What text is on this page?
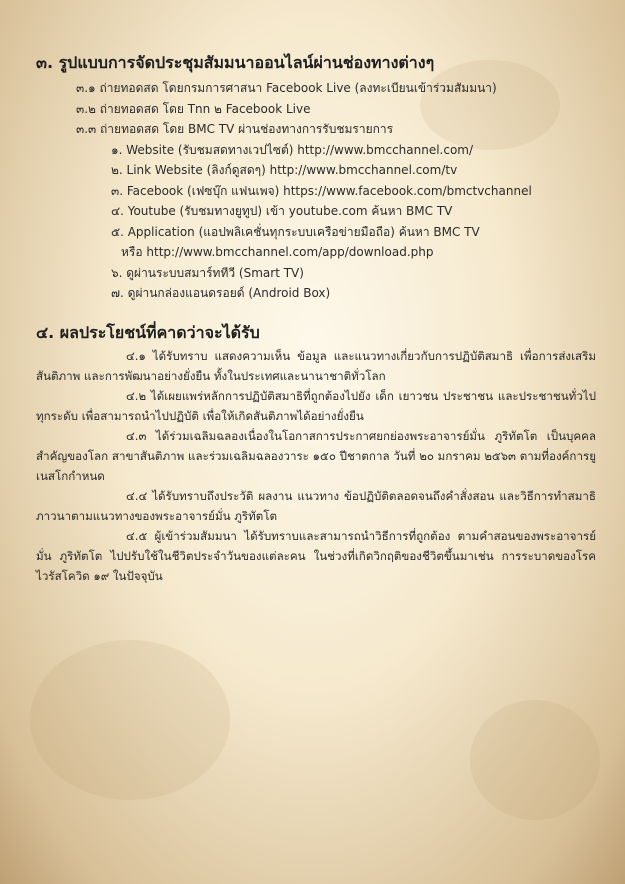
๓. รูปแบบการจัดประชุมสัมมนาออนไลน์ผ่านช่องทางต่างๆ
๓.๑ ถ่ายทอดสด โดยกรมการศาสนา Facebook Live (ลงทะเบียนเข้าร่วมสัมมนา)
๓.๒ ถ่ายทอดสด โดย Tnn ๒ Facebook Live
๓.๓ ถ่ายทอดสด โดย BMC TV ผ่านช่องทางการรับชมรายการ
๑. Website (รับชมสดทางเวปไซต์) http://www.bmcchannel.com/
๒. Link Website (ลิงก์ดูสดๆ) http://www.bmcchannel.com/tv
๓. Facebook (เฟซบุ๊ก แฟนเพจ) https://www.facebook.com/bmctvchannel
๔. Youtube (รับชมทางยูทูป) เข้า youtube.com ค้นหา BMC TV
๕. Application (แอปพลิเคชั่นทุกระบบเครือข่ายมือถือ) ค้นหา BMC TV
หรือ http://www.bmcchannel.com/app/download.php
๖. ดูผ่านระบบสมาร์ททีวี (Smart TV)
๗. ดูผ่านกล่องแอนดรอยด์ (Android Box)
๔. ผลประโยชน์ที่คาดว่าจะได้รับ

๔.๑ ได้รับทราบ แสดงความเห็น ข้อมูล และแนวทางเกี่ยวกับการปฏิบัติสมาธิ เพื่อการส่งเสริมสันติภาพ และการพัฒนาอย่างยั่งยืน ทั้งในประเทศและนานาชาติทั่วโลก

๔.๒ ได้เผยแพร่หลักการปฏิบัติสมาธิที่ถูกต้องไปยัง เด็ก เยาวชน ประชาชน และประชาชนทั่วไป ทุกระดับ เพื่อสามารถนำไปปฏิบัติ เพื่อให้เกิดสันติภาพได้อย่างยั่งยืน

๔.๓ ได้ร่วมเฉลิมฉลองเนื่องในโอกาสการประกาศยกย่องพระอาจารย์มั่น ภูริทัตโต เป็นบุคคลสำคัญของโลก สาขาสันติภาพ และร่วมเฉลิมฉลองวาระ ๑๕๐ ปีชาตกาล วันที่ ๒๐ มกราคม ๒๕๖๓ ตามที่องค์การยูเนสโกกำหนด

๔.๔ ได้รับทราบถึงประวัติ ผลงาน แนวทาง ข้อปฏิบัติตลอดจนถึงคำสั่งสอน และวิธีการทำสมาธิภาวนาตามแนวทางของพระอาจารย์มั่น ภูริทัตโต

๔.๕ ผู้เข้าร่วมสัมมนา ได้รับทราบและสามารถนำวิธีการที่ถูกต้อง ตามคำสอนของพระอาจารย์มั่น ภูริทัตโต ไปปรับใช้ในชีวิตประจำวันของแต่ละคน ในช่วงที่เกิดวิกฤติของชีวิตขึ้นมาเช่น การระบาดของโรคไวรัสโควิด ๑๙ ในปัจจุบัน
